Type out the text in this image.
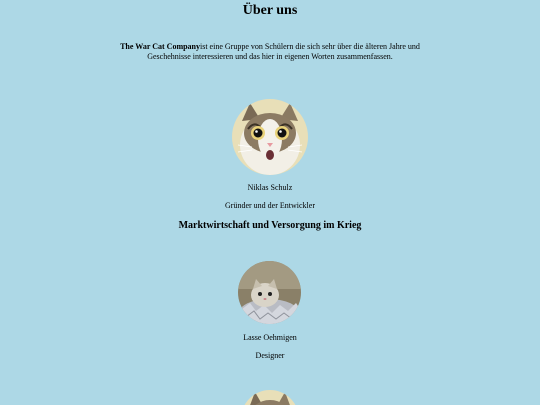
Über uns

The War Cat Companyist eine Gruppe von Schülern die sich sehr über die älteren Jahre und Geschehnisse interessieren und das hier in eigenen Worten zusammenfassen.

Niklas Schulz

Gründer und der Entwickler

Marktwirtschaft und Versorgung im Krieg

Lasse Oehmigen

Designer
